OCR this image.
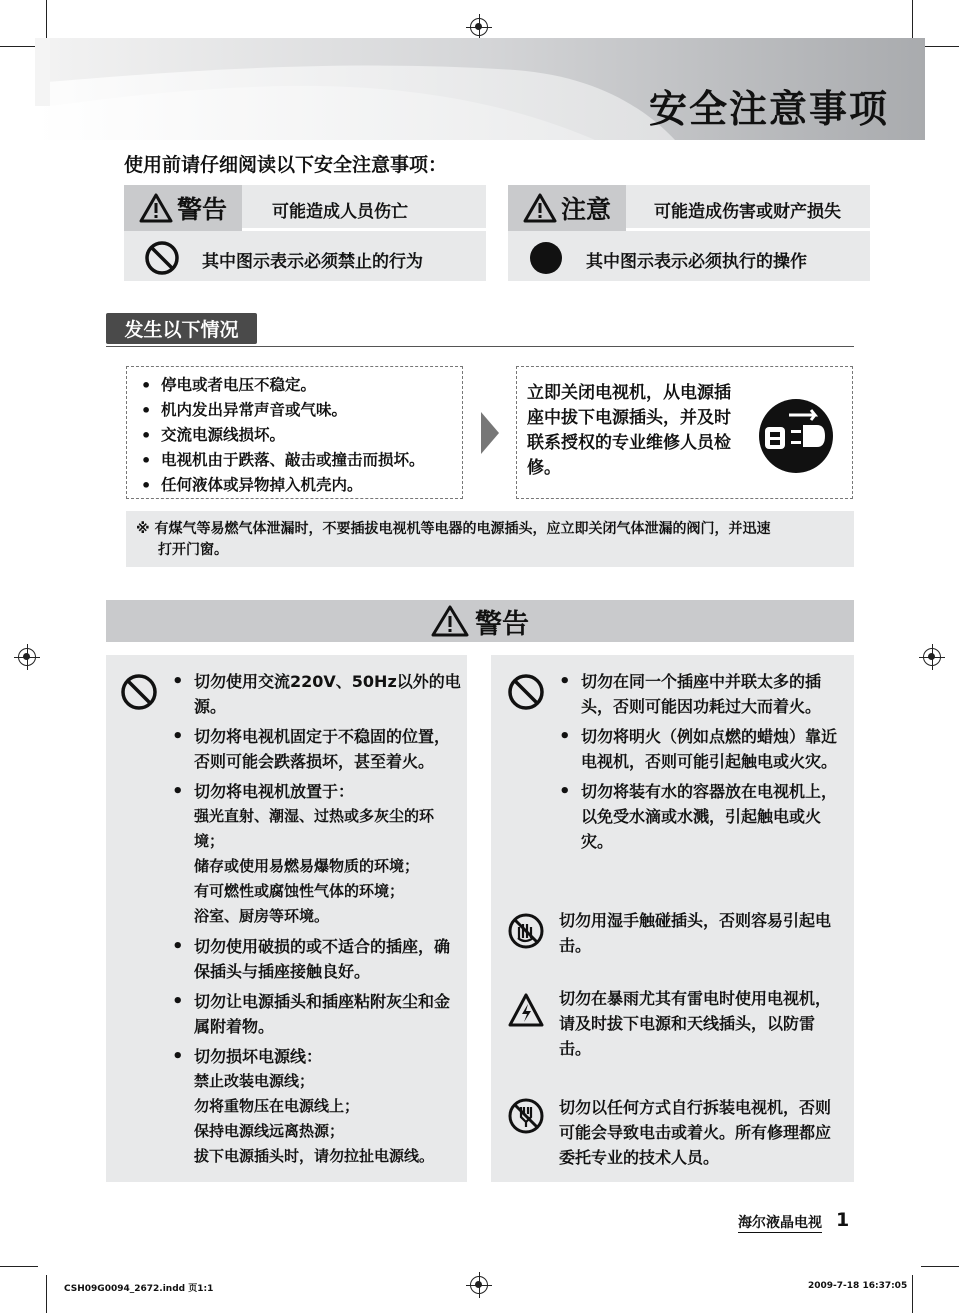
安全注意事项
使用前请仔细阅读以下安全注意事项：
警告	可能造成人员伤亡
其中图示表示必须禁止的行为
注意	可能造成伤害或财产损失
其中图示表示必须执行的操作
发生以下情况
• 停电或者电压不稳定。
• 机内发出异常声音或气味。
• 交流电源线损坏。
• 电视机由于跌落、敲击或撞击而损坏。
• 任何液体或异物掉入机壳内。
立即关闭电视机，从电源插座中拔下电源插头，并及时联系授权的专业维修人员检修。
※ 有煤气等易燃气体泄漏时，不要插拔电视机等电器的电源插头，应立即关闭气体泄漏的阀门，并迅速
打开门窗。
警告
• 切勿使用交流220V、50Hz以外的电源。
• 切勿将电视机固定于不稳固的位置，否则可能会跌落损坏，甚至着火。
• 切勿将电视机放置于：
强光直射、潮湿、过热或多灰尘的环境；
储存或使用易燃易爆物质的环境；
有可燃性或腐蚀性气体的环境；
浴室、厨房等环境。
• 切勿使用破损的或不适合的插座，确保插头与插座接触良好。
• 切勿让电源插头和插座粘附灰尘和金属附着物。
• 切勿损坏电源线：
禁止改装电源线；
勿将重物压在电源线上；
保持电源线远离热源；
拔下电源插头时，请勿拉扯电源线。
• 切勿在同一个插座中并联太多的插头，否则可能因功耗过大而着火。
• 切勿将明火（例如点燃的蜡烛）靠近电视机，否则可能引起触电或火灾。
• 切勿将装有水的容器放在电视机上，以免受水滴或水溅，引起触电或火灾。
切勿用湿手触碰插头，否则容易引起电击。
切勿在暴雨尤其有雷电时使用电视机，请及时拔下电源和天线插头，以防雷击。
切勿以任何方式自行拆装电视机，否则可能会导致电击或着火。所有修理都应委托专业的技术人员。
海尔液晶电视 1
CSH09G0094_2672.indd 页1:1	2009-7-18 16:37:05
